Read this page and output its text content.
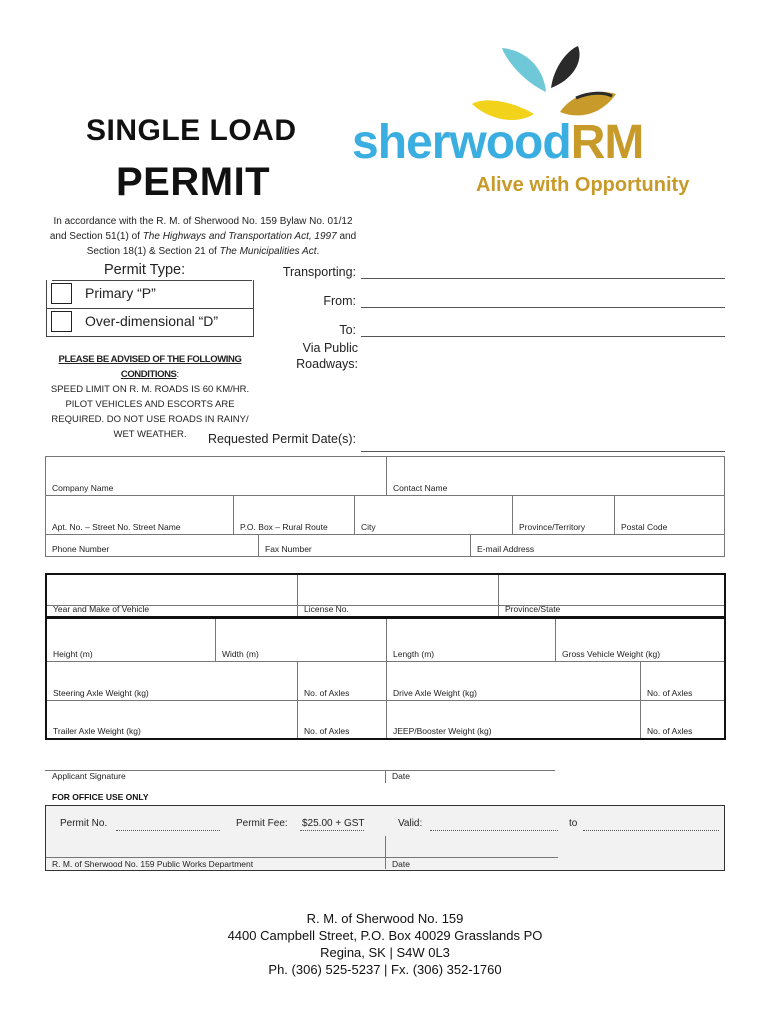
SINGLE LOAD
PERMIT
In accordance with the R. M. of Sherwood No. 159 Bylaw No. 01/12
and Section 51(1) of The Highways and Transportation Act, 1997 and
Section 18(1) & Section 21 of The Municipalities Act.
sherwoodRM
Alive with Opportunity
Permit Type:
Primary “P”
Over-dimensional “D”
Transporting:
From:
To:
Via Public
Roadways:
PLEASE BE ADVISED OF THE FOLLOWING CONDITIONS:
SPEED LIMIT ON R. M. ROADS IS 60 KM/HR.
PILOT VEHICLES AND ESCORTS ARE
REQUIRED. DO NOT USE ROADS IN RAINY/
WET WEATHER.	Requested Permit Date(s):
Company Name	Contact Name
Apt. No. – Street No. Street Name	P.O. Box – Rural Route	City	Province/Territory	Postal Code
Phone Number	Fax Number	E-mail Address
Year and Make of Vehicle	License No.	Province/State
Height (m)	Width (m)	Length (m)	Gross Vehicle Weight (kg)
Steering Axle Weight (kg)	No. of Axles	Drive Axle Weight (kg)	No. of Axles
Trailer Axle Weight (kg)	No. of Axles	JEEP/Booster Weight (kg)	No. of Axles
Applicant Signature	Date
FOR OFFICE USE ONLY
Permit No.	Permit Fee: $25.00 + GST	Valid:	to
R. M. of Sherwood No. 159 Public Works Department	Date
R. M. of Sherwood No. 159
4400 Campbell Street, P.O. Box 40029 Grasslands PO
Regina, SK | S4W 0L3
Ph. (306) 525-5237 | Fx. (306) 352-1760
